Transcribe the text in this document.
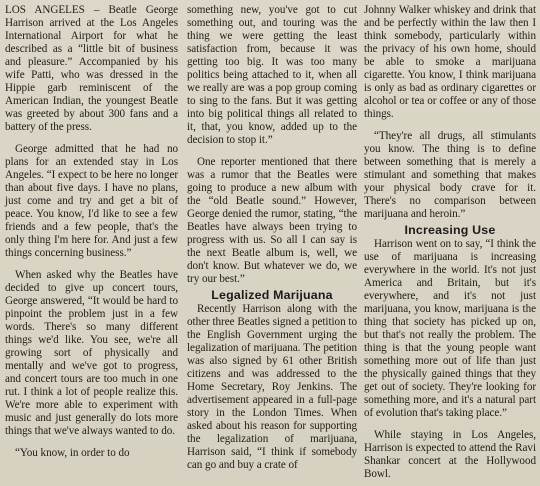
LOS ANGELES – Beatle George Harrison arrived at the Los Angeles International Airport for what he described as a “little bit of business and pleasure.” Accompanied by his wife Patti, who was dressed in the Hippie garb reminiscent of the American Indian, the youngest Beatle was greeted by about 300 fans and a battery of the press.

George admitted that he had no plans for an extended stay in Los Angeles. “I expect to be here no longer than about five days. I have no plans, just come and try and get a bit of peace. You know, I'd like to see a few friends and a few people, that's the only thing I'm here for. And just a few things concerning business.”

When asked why the Beatles have decided to give up concert tours, George answered, “It would be hard to pinpoint the problem just in a few words. There's so many different things we'd like. You see, we're all growing sort of physically and mentally and we've got to progress, and concert tours are too much in one rut. I think a lot of people realize this. We're more able to experiment with music and just generally do lots more things that we've always wanted to do.

“You know, in order to do

something new, you've got to cut something out, and touring was the thing we were getting the least satisfaction from, because it was getting too big. It was too many politics being attached to it, when all we really are was a pop group coming to sing to the fans. But it was getting into big political things all related to it, that, you know, added up to the decision to stop it.”

One reporter mentioned that there was a rumor that the Beatles were going to produce a new album with the “old Beatle sound.” However, George denied the rumor, stating, “the Beatles have always been trying to progress with us. So all I can say is the next Beatle album is, well, we don't know. But whatever we do, we try our best.”

Legalized Marijuana

Recently Harrison along with the other three Beatles signed a petition to the English Government urging the legalization of marijuana. The petition was also signed by 61 other British citizens and was addressed to the Home Secretary, Roy Jenkins. The advertisement appeared in a full-page story in the London Times. When asked about his reason for supporting the legalization of marijuana, Harrison said, “I think if somebody can go and buy a crate of

Johnny Walker whiskey and drink that and be perfectly within the law then I think somebody, particularly within the privacy of his own home, should be able to smoke a marijuana cigarette. You know, I think marijuana is only as bad as ordinary cigarettes or alcohol or tea or coffee or any of those things.

“They're all drugs, all stimulants you know. The thing is to define between something that is merely a stimulant and something that makes your physical body crave for it. There's no comparison between marijuana and heroin.”

Increasing Use

Harrison went on to say, “I think the use of marijuana is increasing everywhere in the world. It's not just America and Britain, but it's everywhere, and it's not just marijuana, you know, marijuana is the thing that society has picked up on, but that's not really the problem. The thing is that the young people want something more out of life than just the physically gained things that they get out of society. They're looking for something more, and it's a natural part of evolution that's taking place.”

While staying in Los Angeles, Harrison is expected to attend the Ravi Shankar concert at the Hollywood Bowl.
